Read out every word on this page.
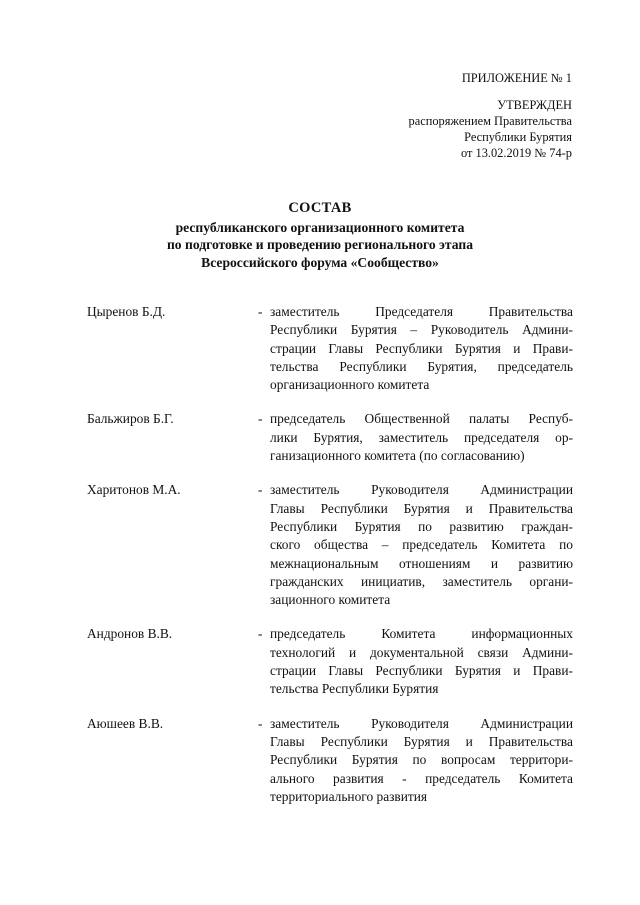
ПРИЛОЖЕНИЕ № 1
УТВЕРЖДЕН
распоряжением Правительства
Республики Бурятия
от 13.02.2019 № 74-р
СОСТАВ
республиканского организационного комитета
по подготовке и проведению регионального этапа
Всероссийского форума «Сообщество»
Цыренов Б.Д.	- заместитель Председателя Правительства
Республики Бурятия – Руководитель Админи-
страции Главы Республики Бурятия и Прави-
тельства Республики Бурятия, председатель
организационного комитета
Бальжиров Б.Г.	- председатель Общественной палаты Респуб-
лики Бурятия, заместитель председателя ор-
ганизационного комитета (по согласованию)
Харитонов М.А.	- заместитель Руководителя Администрации
Главы Республики Бурятия и Правительства
Республики Бурятия по развитию граждан-
ского общества – председатель Комитета по
межнациональным отношениям и развитию
гражданских инициатив, заместитель органи-
зационного комитета
Андронов В.В.	- председатель Комитета информационных
технологий и документальной связи Админи-
страции Главы Республики Бурятия и Прави-
тельства Республики Бурятия
Аюшеев В.В.	- заместитель Руководителя Администрации
Главы Республики Бурятия и Правительства
Республики Бурятия по вопросам территори-
ального развития - председатель Комитета
территориального развития
